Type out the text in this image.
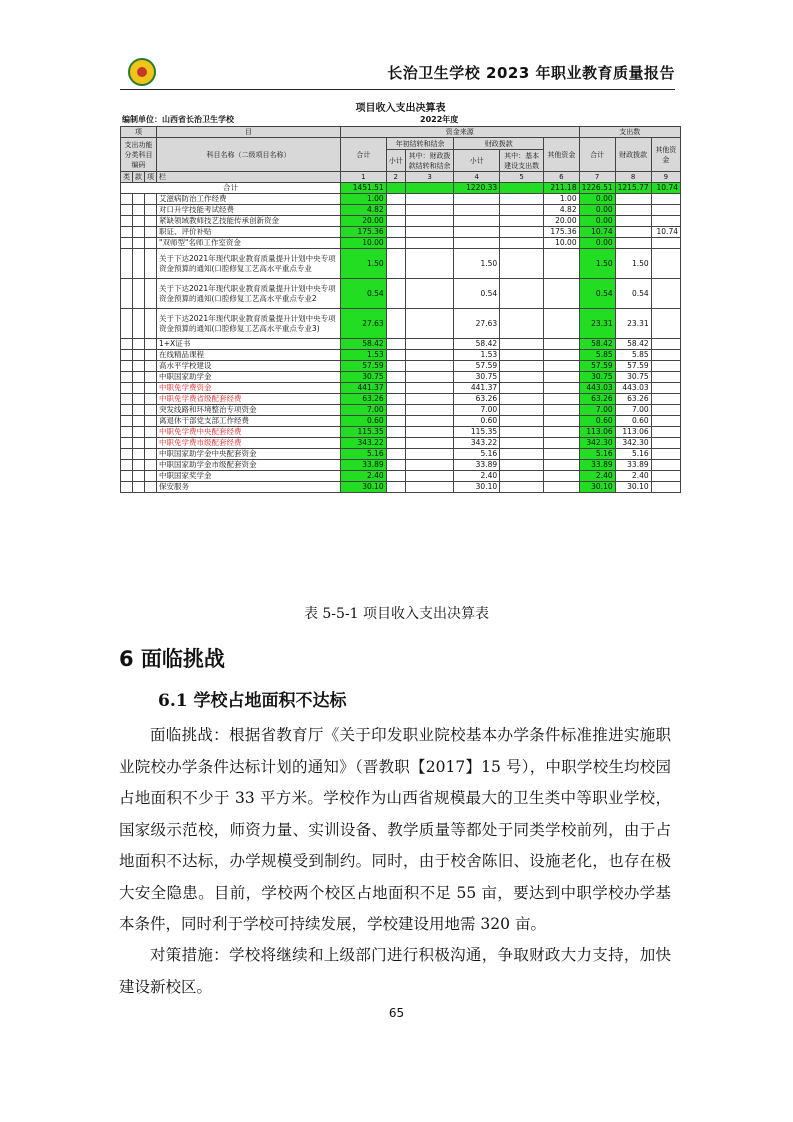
长治卫生学校 2023 年职业教育质量报告
项目收入支出决算表
编制单位：山西省长治卫生学校	2022年度
项			目	资金来源						支出数		
支出功能分类科目编码			科目名称（二级项目名称）	合计	年初结转和结余		财政拨款		其他资金	合计	财政拨款	其他资金
					小计	其中：财政拨款结转和结余	小计	其中：基本建设支出数				

类	款	项	栏	1	2	3	4	5	6	7	8	9
合计				1451.51			1220.33		211.18	1226.51	1215.77	10.74
			艾滋病防治工作经费	1.00					1.00	0.00		
			对口升学技能考试经费	4.82					4.82	0.00		
			紧缺领域教师技艺技能传承创新资金	20.00					20.00	0.00		
			职证、评价补贴	175.36					175.36	10.74		10.74
			"双师型"名师工作室资金	10.00					10.00	0.00		
			关于下达2021年现代职业教育质量提升计划中央专项资金预算的通知(口腔修复工艺高水平重点专业	1.50			1.50			1.50	1.50	
			关于下达2021年现代职业教育质量提升计划中央专项资金预算的通知(口腔修复工艺高水平重点专业2	0.54			0.54			0.54	0.54	
			关于下达2021年现代职业教育质量提升计划中央专项资金预算的通知(口腔修复工艺高水平重点专业3)	27.63			27.63			23.31	23.31	
			1+X证书	58.42			58.42			58.42	58.42	
			在线精品课程	1.53			1.53			5.85	5.85	
			高水平学校建设	57.59			57.59			57.59	57.59	
			中职国家助学金	30.75			30.75			30.75	30.75	
			中职免学费资金	441.37			441.37			443.03	443.03	
			中职免学费省级配套经费	63.26			63.26			63.26	63.26	
			突发线路和环境整治专项资金	7.00			7.00			7.00	7.00	
			离退休干部党支部工作经费	0.60			0.60			0.60	0.60	
			中职免学费中央配套经费	115.35			115.35			113.06	113.06	
			中职免学费市级配套经费	343.22			343.22			342.30	342.30	
			中职国家助学金中央配套资金	5.16			5.16			5.16	5.16	
			中职国家助学金市级配套资金	33.89			33.89			33.89	33.89	
			中职国家奖学金	2.40			2.40			2.40	2.40	
			保安服务	30.10			30.10			30.10	30.10	
表 5-5-1 项目收入支出决算表
6 面临挑战
6.1 学校占地面积不达标
面临挑战：根据省教育厅《关于印发职业院校基本办学条件标准推进实施职业院校办学条件达标计划的通知》（晋教职【2017】15 号），中职学校生均校园占地面积不少于 33 平方米。学校作为山西省规模最大的卫生类中等职业学校，国家级示范校，师资力量、实训设备、教学质量等都处于同类学校前列，由于占地面积不达标，办学规模受到制约。同时，由于校舍陈旧、设施老化，也存在极大安全隐患。目前，学校两个校区占地面积不足 55 亩，要达到中职学校办学基本条件，同时利于学校可持续发展，学校建设用地需 320 亩。
对策措施：学校将继续和上级部门进行积极沟通，争取财政大力支持，加快建设新校区。
65
